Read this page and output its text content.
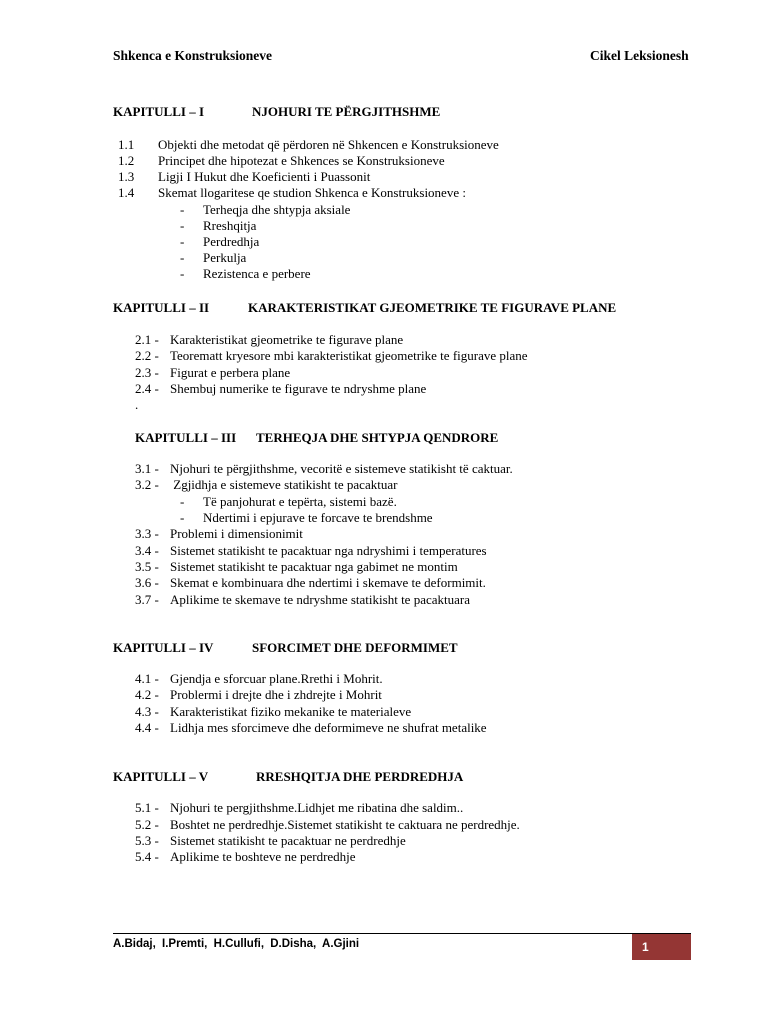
Shkenca e Konstruksioneve	Cikel Leksionesh
KAPITULLI – I	NJOHURI TE PËRGJITHSHME
1.1 Objekti dhe metodat që përdoren në Shkencen e Konstruksioneve
1.2 Principet dhe hipotezat e Shkences se Konstruksioneve
1.3 Ligji I Hukut dhe Koeficienti i Puassonit
1.4 Skemat llogaritese qe studion Shkenca e Konstruksioneve :
- Terheqja dhe shtypja aksiale
- Rreshqitja
- Perdredhja
- Perkulja
- Rezistenca e perbere
KAPITULLI – II	KARAKTERISTIKAT GJEOMETRIKE TE FIGURAVE PLANE
2.1 - Karakteristikat gjeometrike te figurave plane
2.2 - Teorematt kryesore mbi karakteristikat gjeometrike te figurave plane
2.3 - Figurat e perbera plane
2.4 - Shembuj numerike te figurave te ndryshme plane
.
KAPITULLI – III TERHEQJA DHE SHTYPJA QENDRORE
3.1 - Njohuri te përgjithshme, vecoritë e sistemeve statikisht të caktuar.
3.2 - Zgjidhja e sistemeve statikisht te pacaktuar
- Të panjohurat e tepërta, sistemi bazë.
- Ndertimi i epjurave te forcave te brendshme
3.3 - Problemi i dimensionimit
3.4 - Sistemet statikisht te pacaktuar nga ndryshimi i temperatures
3.5 - Sistemet statikisht te pacaktuar nga gabimet ne montim
3.6 - Skemat e kombinuara dhe ndertimi i skemave te deformimit.
3.7 - Aplikime te skemave te ndryshme statikisht te pacaktuara
KAPITULLI – IV	SFORCIMET DHE DEFORMIMET
4.1 - Gjendja e sforcuar plane.Rrethi i Mohrit.
4.2 - Problermi i drejte dhe i zhdrejte i Mohrit
4.3 - Karakteristikat fiziko mekanike te materialeve
4.4 - Lidhja mes sforcimeve dhe deformimeve ne shufrat metalike
KAPITULLI – V	RRESHQITJA DHE PERDREDHJA
5.1 - Njohuri te pergjithshme.Lidhjet me ribatina dhe saldim..
5.2 - Boshtet ne perdredhje.Sistemet statikisht te caktuara ne perdredhje.
5.3 - Sistemet statikisht te pacaktuar ne perdredhje
5.4 - Aplikime te boshteve ne perdredhje
A.Bidaj, I.Premti, H.Cullufi, D.Disha, A.Gjini	1
